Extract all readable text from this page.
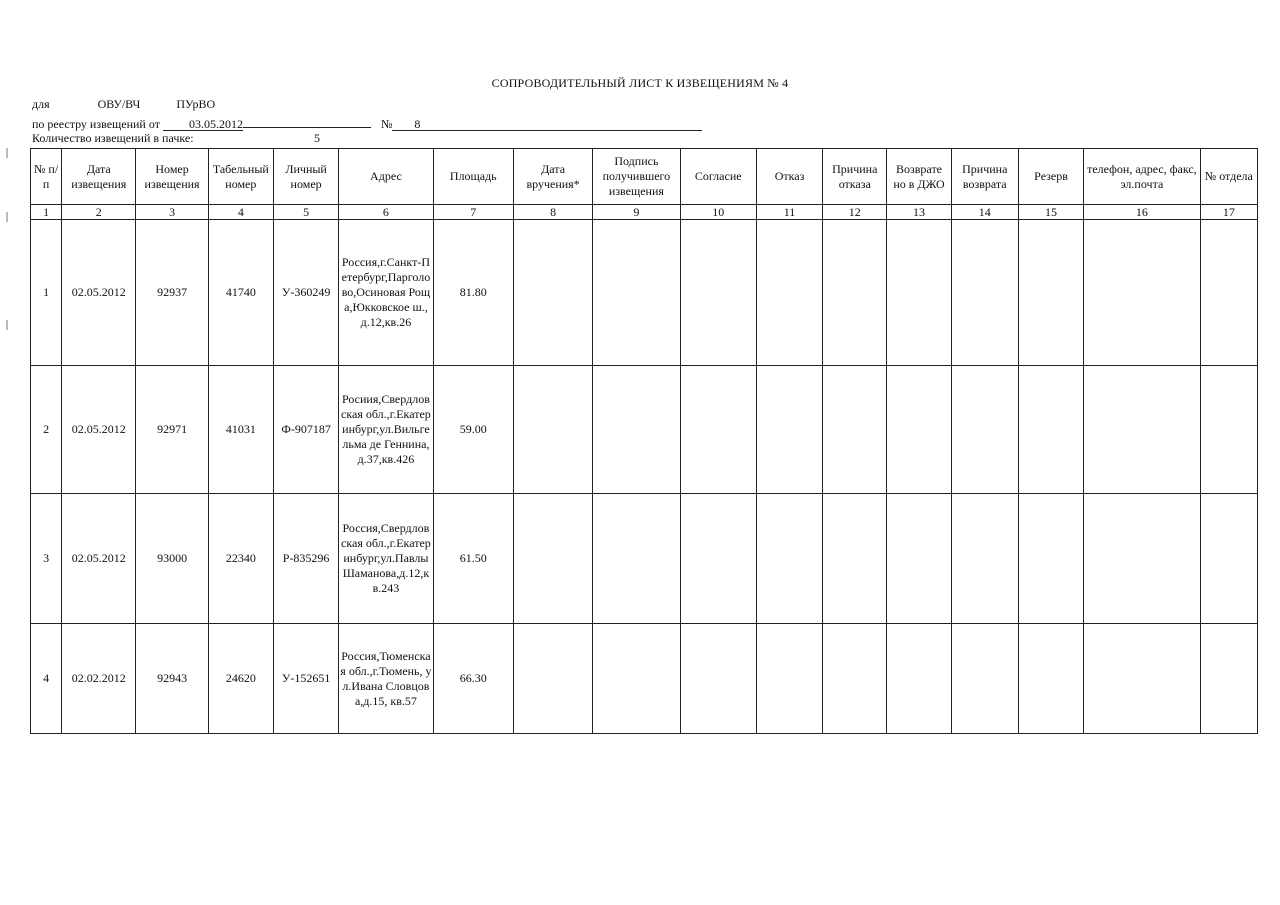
СОПРОВОДИТЕЛЬНЫЙ ЛИСТ К ИЗВЕЩЕНИЯМ № 4
для	ОВУ/ВЧ	ПУрВО
по реестру извещений от 03.05.2012	№ 8
Количество извещений в пачке:	5
№ п/п	Дата извещения	Номер извещения	Табельный номер	Личный номер	Адрес	Площадь	Дата вручения*	Подпись получившего извещения	Согласие	Отказ	Причина отказа	Возврате но в ДЖО	Причина возврата	Резерв	телефон, адрес, факс, эл.почта	№ отдела
1	2	3	4	5	6	7	8	9	10	11	12	13	14	15	16	17
1	02.05.2012	92937	41740	У-360249	Россия,г.Санкт-Петербург,Парголово,Осиновая Роща,Юкковское ш.,д.12,кв.26	81.80										
2	02.05.2012	92971	41031	Ф-907187	Росиия,Свердловская обл.,г.Екатеринбург,ул.Вильгельма де Геннина,д.37,кв.426	59.00										
3	02.05.2012	93000	22340	Р-835296	Россия,Свердловская обл.,г.Екатеринбург,ул.Павлы Шаманова,д.12,кв.243	61.50										
4	02.02.2012	92943	24620	У-152651	Россия,Тюменская обл.,г.Тюмень, ул.Ивана Словцова,д.15, кв.57	66.30										
